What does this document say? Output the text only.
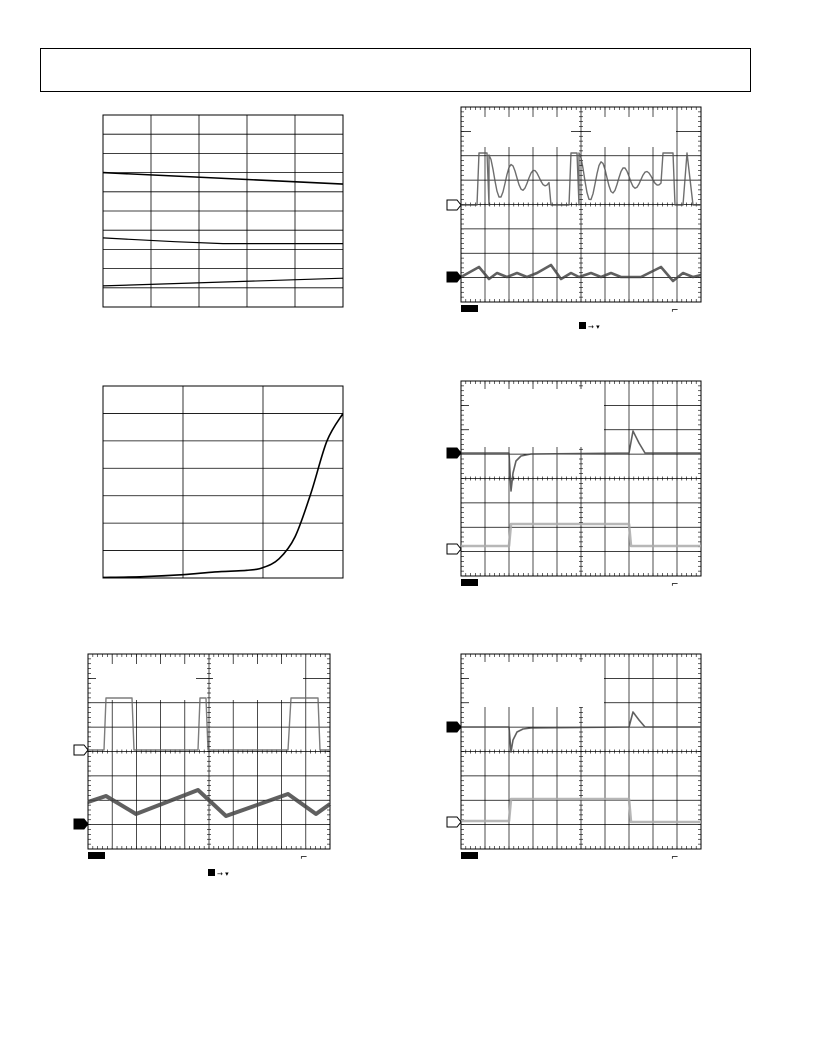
⌐
→ ▾
⌐
⌐
→ ▾
⌐
